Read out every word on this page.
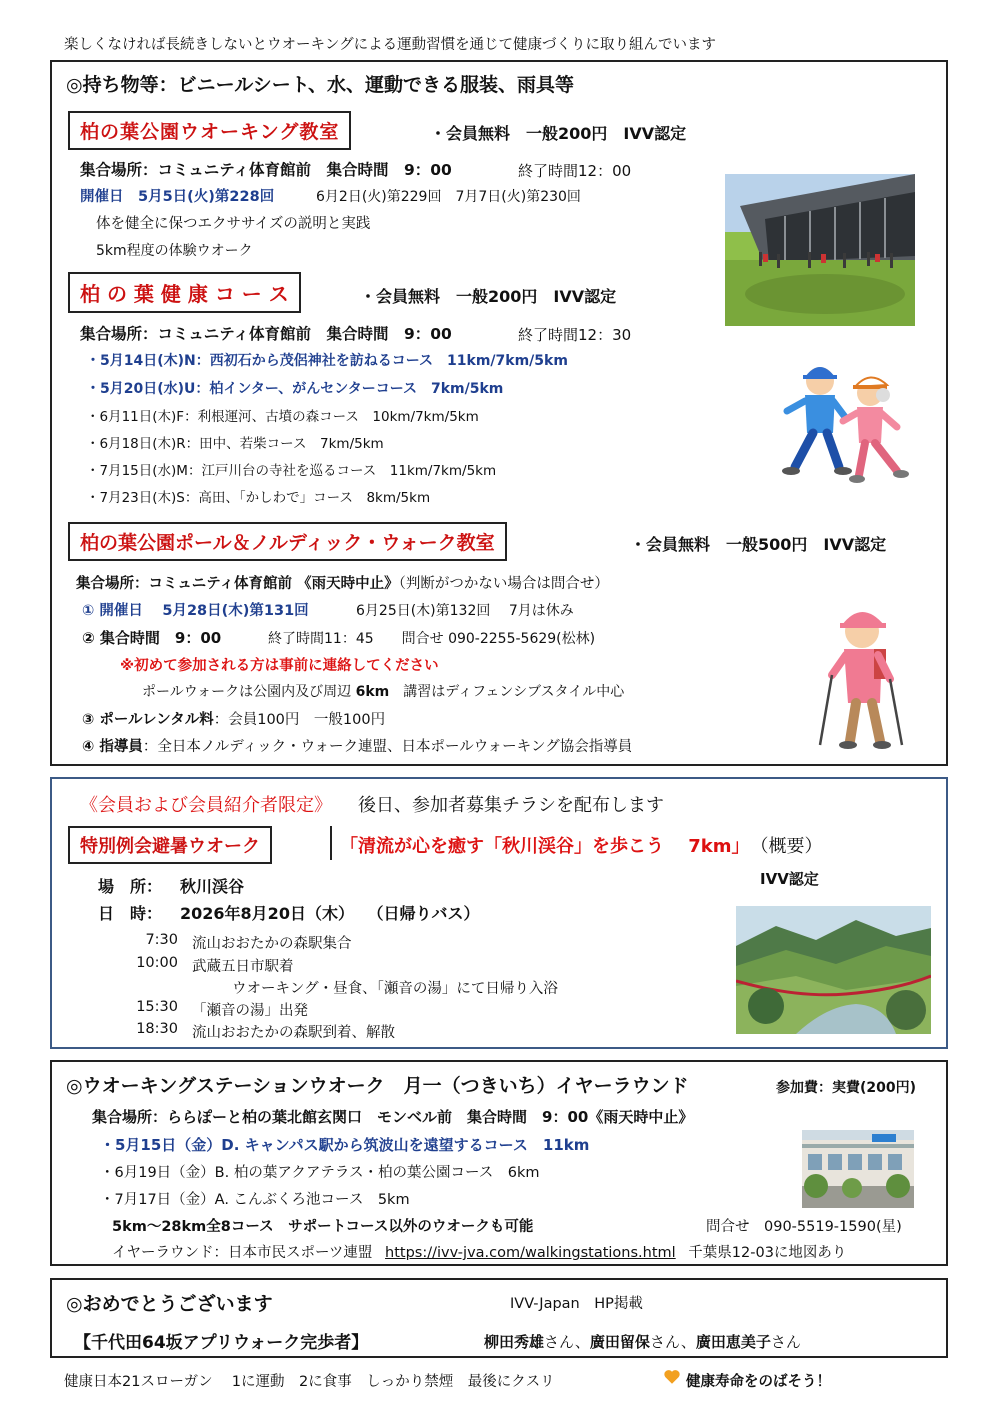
楽しくなければ長続きしないとウオーキングによる運動習慣を通じて健康づくりに取り組んでいます
◎持ち物等：ビニールシート、水、運動できる服装、雨具等
柏の葉公園ウオーキング教室	・会員無料　一般200円　IVV認定
集合場所：コミュニティ体育館前　集合時間　9：00	終了時間12：00
開催日　5月5日(火)第228回	6月2日(火)第229回　7月7日(火)第230回
体を健全に保つエクササイズの説明と実践
5km程度の体験ウオーク
柏 の 葉 健 康 コ ー ス	・会員無料　一般200円　IVV認定
集合場所：コミュニティ体育館前　集合時間　9：00	終了時間12：30
・5月14日(木)N：西初石から茂侶神社を訪ねるコース　11km/7km/5km
・5月20日(水)U：柏インター、がんセンターコース　7km/5km
・6月11日(木)F：利根運河、古墳の森コース　10km/7km/5km
・6月18日(木)R：田中、若柴コース　7km/5km
・7月15日(水)M：江戸川台の寺社を巡るコース　11km/7km/5km
・7月23日(木)S：高田、「かしわで」コース　8km/5km
柏の葉公園ポール＆ノルディック・ウォーク教室	・会員無料　一般500円　IVV認定
集合場所：コミュニティ体育館前 《雨天時中止》（判断がつかない場合は問合せ）
① 開催日　 5月28日(木)第131回	6月25日(木)第132回　 7月は休み
② 集合時間　9：00	終了時間11：45　　問合せ 090-2255-5629(松林)
※初めて参加される方は事前に連絡してください
ポールウォークは公園内及び周辺 6km　講習はディフェンシブスタイル中心
③ ポールレンタル料：会員100円　一般100円
④ 指導員：全日本ノルディック・ウォーク連盟、日本ポールウォーキング協会指導員
《会員および会員紹介者限定》 後日、参加者募集チラシを配布します
特別例会避暑ウオーク	「清流が心を癒す「秋川渓谷」を歩こう　 7km」 （概要）
IVV認定
場　所： 秋川渓谷
日　時： 2026年8月20日（木）　 （日帰りバス）
7:30 流山おおたかの森駅集合
10:00 武蔵五日市駅着
ウオーキング・昼食、「瀬音の湯」にて日帰り入浴
15:30 「瀬音の湯」出発
18:30 流山おおたかの森駅到着、解散
◎ウオーキングステーションウオーク　月一（つきいち）イヤーラウンド	参加費：実費(200円)
集合場所：ららぽーと柏の葉北館玄関口　モンベル前　集合時間　9：00《雨天時中止》
・5月15日（金）D. キャンパス駅から筑波山を遠望するコース　11km
・6月19日（金）B. 柏の葉アクアテラス・柏の葉公園コース　6km
・7月17日（金）A. こんぶくろ池コース　5km
5km～28km全8コース　サポートコース以外のウオークも可能	問合せ　090-5519-1590(星)
イヤーラウンド：日本市民スポーツ連盟 https://ivv-jva.com/walkingstations.html 千葉県12-03に地図あり
◎おめでとうございます	IVV-Japan　HP掲載
【千代田64坂アプリウォーク完歩者】	柳田秀雄さん、廣田留保さん、廣田恵美子さん
健康日本21スローガン　 1に運動　2に食事　しっかり禁煙　最後にクスリ	健康寿命をのばそう！
